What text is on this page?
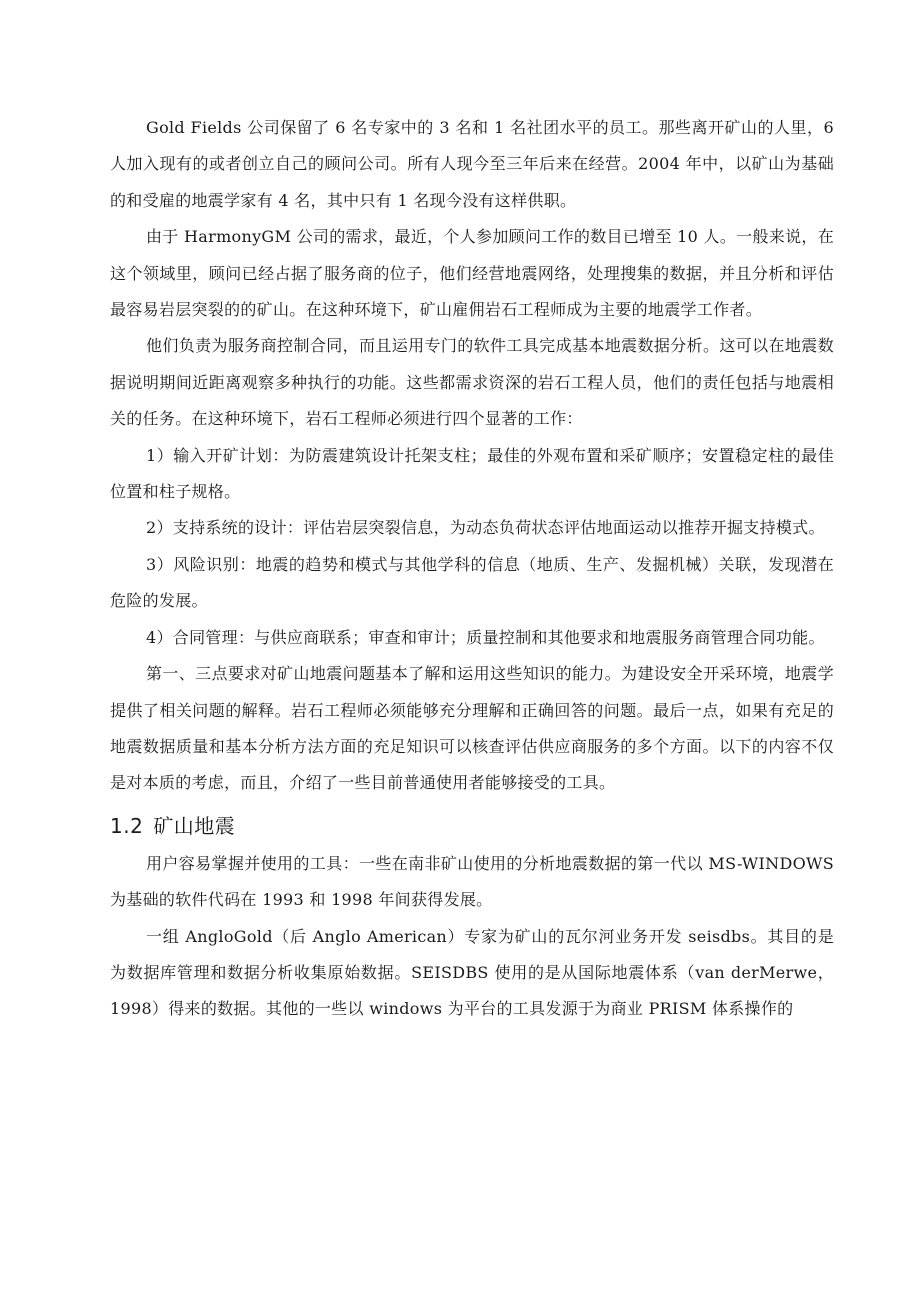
Gold Fields 公司保留了 6 名专家中的 3 名和 1 名社团水平的员工。那些离开矿山的人里，6 人加入现有的或者创立自己的顾问公司。所有人现今至三年后来在经营。2004 年中，以矿山为基础的和受雇的地震学家有 4 名，其中只有 1 名现今没有这样供职。

由于 HarmonyGM 公司的需求，最近，个人参加顾问工作的数目已增至 10 人。一般来说，在这个领域里，顾问已经占据了服务商的位子，他们经营地震网络，处理搜集的数据，并且分析和评估最容易岩层突裂的的矿山。在这种环境下，矿山雇佣岩石工程师成为主要的地震学工作者。

他们负责为服务商控制合同，而且运用专门的软件工具完成基本地震数据分析。这可以在地震数据说明期间近距离观察多种执行的功能。这些都需求资深的岩石工程人员，他们的责任包括与地震相关的任务。在这种环境下，岩石工程师必须进行四个显著的工作：

1）输入开矿计划：为防震建筑设计托架支柱；最佳的外观布置和采矿顺序；安置稳定柱的最佳位置和柱子规格。

2）支持系统的设计：评估岩层突裂信息，为动态负荷状态评估地面运动以推荐开掘支持模式。

3）风险识别：地震的趋势和模式与其他学科的信息（地质、生产、发掘机械）关联，发现潜在危险的发展。

4）合同管理：与供应商联系；审查和审计；质量控制和其他要求和地震服务商管理合同功能。

第一、三点要求对矿山地震问题基本了解和运用这些知识的能力。为建设安全开采环境，地震学提供了相关问题的解释。岩石工程师必须能够充分理解和正确回答的问题。最后一点，如果有充足的地震数据质量和基本分析方法方面的充足知识可以核查评估供应商服务的多个方面。以下的内容不仅是对本质的考虑，而且，介绍了一些目前普通使用者能够接受的工具。

1.2 矿山地震

用户容易掌握并使用的工具：一些在南非矿山使用的分析地震数据的第一代以 MS-WINDOWS 为基础的软件代码在 1993 和 1998 年间获得发展。

一组 AngloGold（后 Anglo American）专家为矿山的瓦尔河业务开发 seisdbs。其目的是为数据库管理和数据分析收集原始数据。SEISDBS 使用的是从国际地震体系（van derMerwe，1998）得来的数据。其他的一些以 windows 为平台的工具发源于为商业 PRISM 体系操作的
